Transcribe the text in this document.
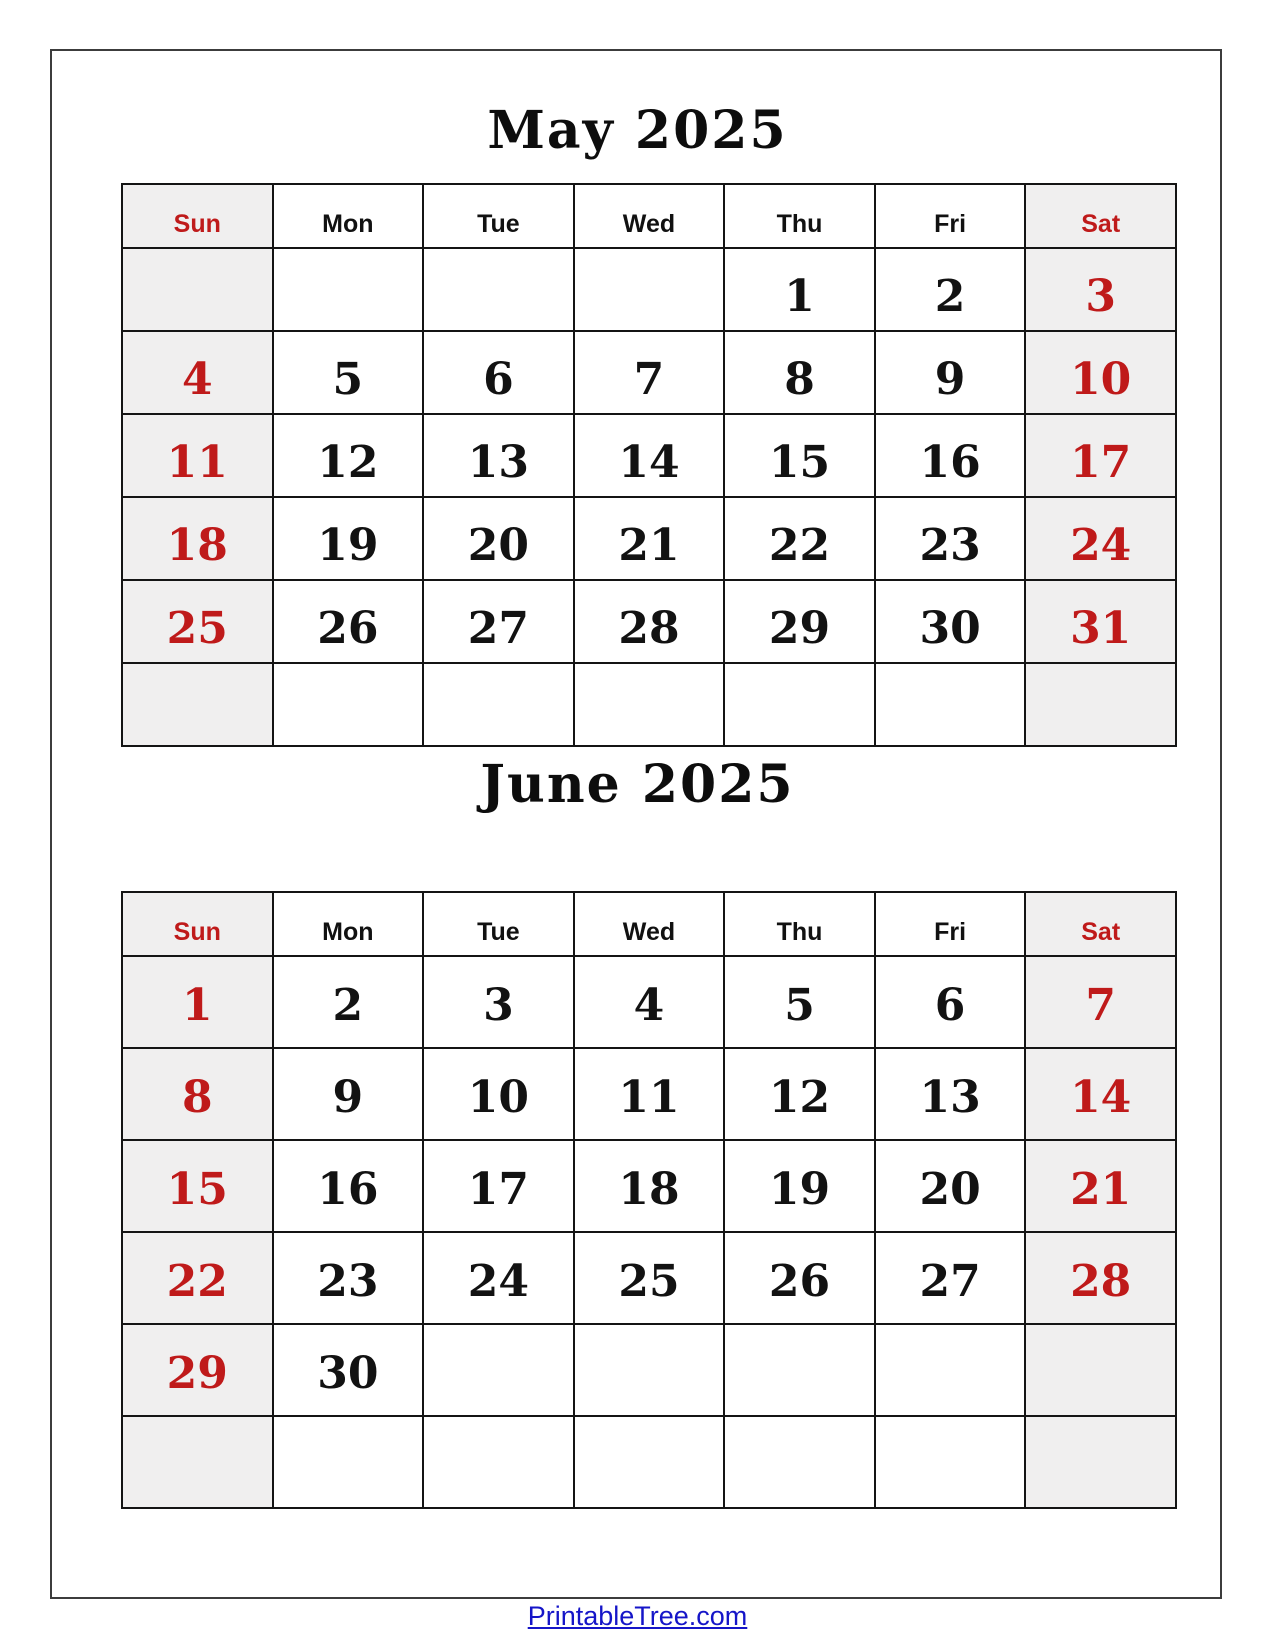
May 2025
Sun	Mon	Tue	Wed	Thu	Fri	Sat
				1	2	3
4	5	6	7	8	9	10
11	12	13	14	15	16	17
18	19	20	21	22	23	24
25	26	27	28	29	30	31

June 2025
Sun	Mon	Tue	Wed	Thu	Fri	Sat
1	2	3	4	5	6	7
8	9	10	11	12	13	14
15	16	17	18	19	20	21
22	23	24	25	26	27	28
29	30					

PrintableTree.com
